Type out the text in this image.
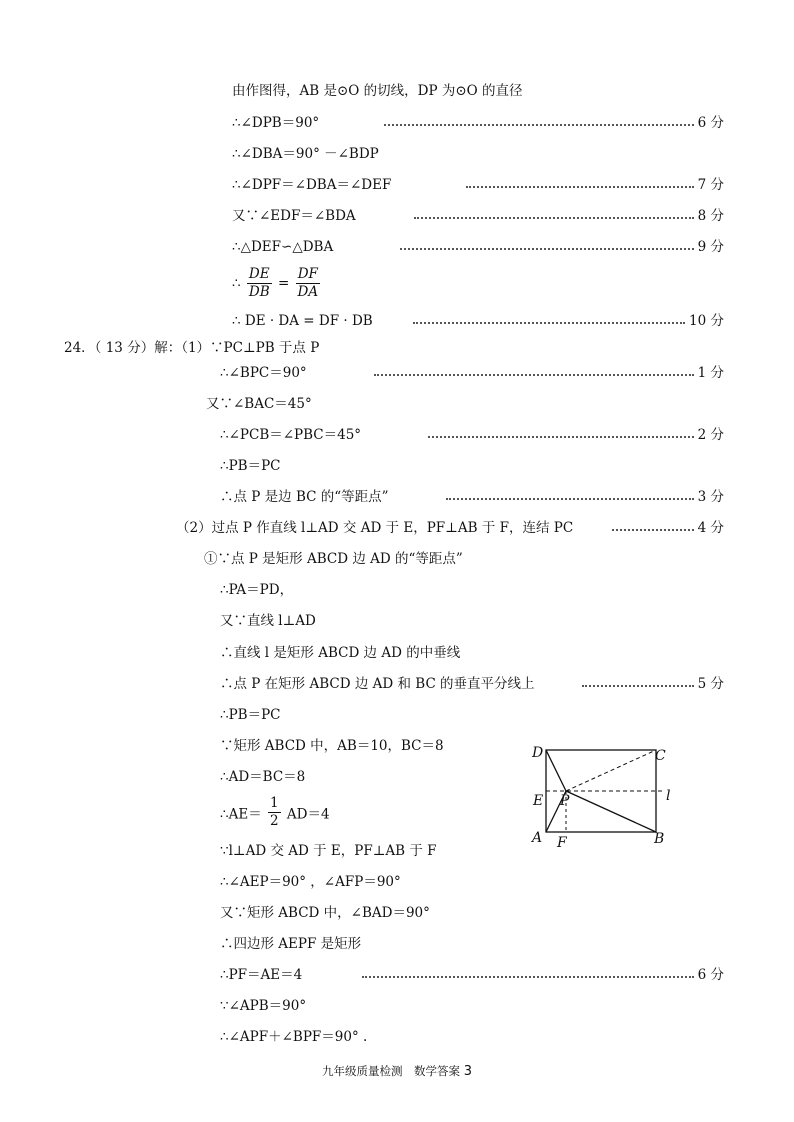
由作图得，AB 是⊙O 的切线，DP 为⊙O 的直径
∴∠DPB＝90°	6 分
∴∠DBA＝90° －∠BDP
∴∠DPF＝∠DBA＝∠DEF	7 分
又∵∠EDF＝∠BDA	8 分
∴△DEF∽△DBA	9 分
∴ $\frac{DE}{DB} = \frac{DF}{DA}$
∴ DE · DA = DF · DB	10 分
24．（ 13 分）解：（1）∵PC⊥PB 于点 P
∴∠BPC＝90°	1 分
又∵∠BAC＝45°
∴∠PCB＝∠PBC＝45°	2 分
∴PB＝PC
∴点 P 是边 BC 的“等距点”	3 分
（2）过点 P 作直线 l⊥AD 交 AD 于 E，PF⊥AB 于 F，连结 PC	4 分
①∵点 P 是矩形 ABCD 边 AD 的“等距点”
∴PA＝PD，
又∵直线 l⊥AD
∴直线 l 是矩形 ABCD 边 AD 的中垂线
∴点 P 在矩形 ABCD 边 AD 和 BC 的垂直平分线上	5 分
∴PB＝PC
∵矩形 ABCD 中，AB＝10，BC＝8
∴AD＝BC＝8
∴AE＝ $\frac{1}{2} AD=4$
∵l⊥AD 交 AD 于 E，PF⊥AB 于 F
∴∠AEP＝90° ，∠AFP＝90°
又∵矩形 ABCD 中，∠BAD＝90°
∴四边形 AEPF 是矩形
∴PF＝AE＝4	6 分
∵∠APB＝90°
∴∠APF＋∠BPF＝90° .
D	C
E P	l
A F	B
九年级质量检测　数学答案 3
